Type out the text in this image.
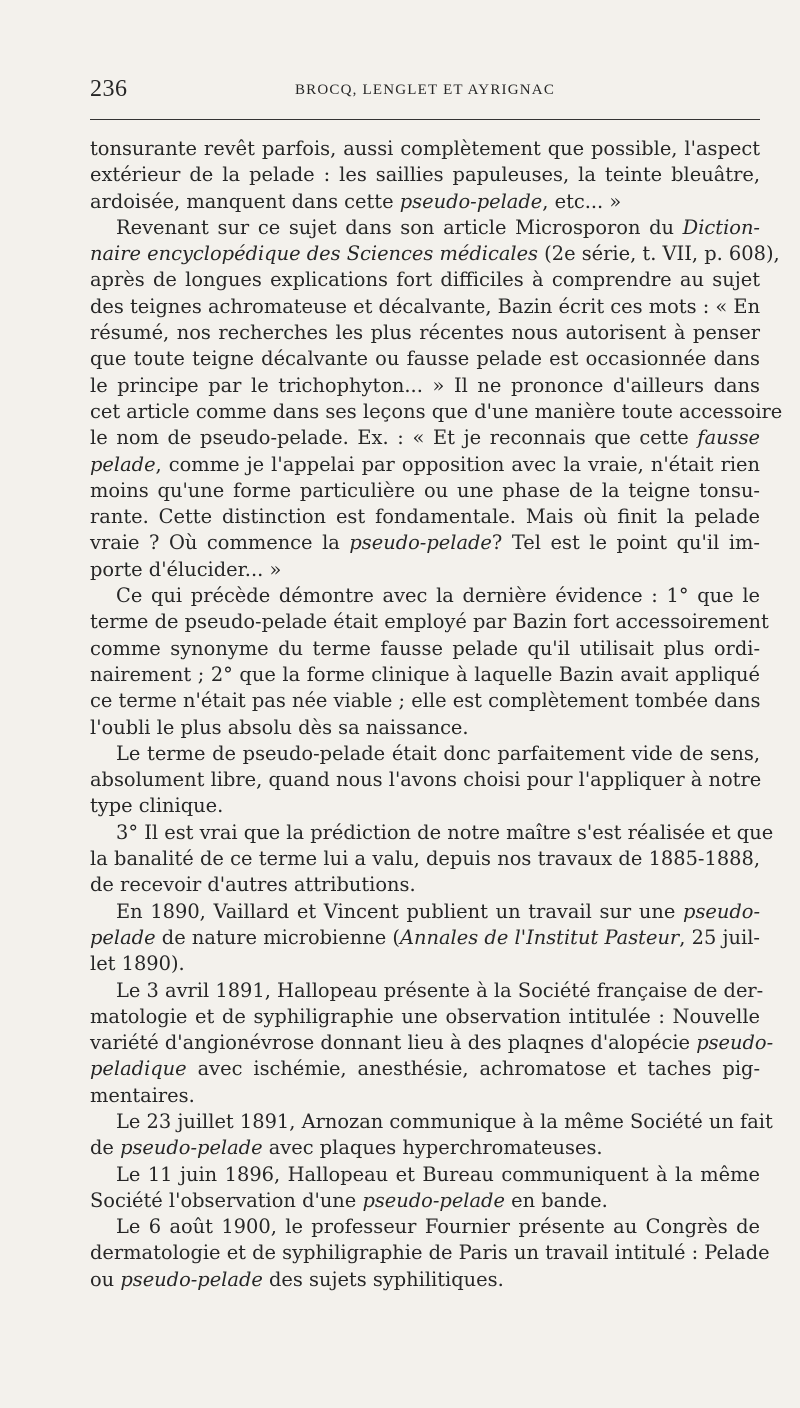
236	BROCQ, LENGLET ET AYRIGNAC
tonsurante revêt parfois, aussi complètement que possible, l'aspect
extérieur de la pelade : les saillies papuleuses, la teinte bleuâtre,
ardoisée, manquent dans cette pseudo-pelade, etc... »
Revenant sur ce sujet dans son article Microsporon du Diction-
naire encyclopédique des Sciences médicales (2e série, t. VII, p. 608),
après de longues explications fort difficiles à comprendre au sujet
des teignes achromateuse et décalvante, Bazin écrit ces mots : « En
résumé, nos recherches les plus récentes nous autorisent à penser
que toute teigne décalvante ou fausse pelade est occasionnée dans
le principe par le trichophyton... » Il ne prononce d'ailleurs dans
cet article comme dans ses leçons que d'une manière toute accessoire
le nom de pseudo-pelade. Ex. : « Et je reconnais que cette fausse
pelade, comme je l'appelai par opposition avec la vraie, n'était rien
moins qu'une forme particulière ou une phase de la teigne tonsu-
rante. Cette distinction est fondamentale. Mais où finit la pelade
vraie ? Où commence la pseudo-pelade? Tel est le point qu'il im-
porte d'élucider... »
Ce qui précède démontre avec la dernière évidence : 1° que le
terme de pseudo-pelade était employé par Bazin fort accessoirement
comme synonyme du terme fausse pelade qu'il utilisait plus ordi-
nairement ; 2° que la forme clinique à laquelle Bazin avait appliqué
ce terme n'était pas née viable ; elle est complètement tombée dans
l'oubli le plus absolu dès sa naissance.
Le terme de pseudo-pelade était donc parfaitement vide de sens,
absolument libre, quand nous l'avons choisi pour l'appliquer à notre
type clinique.
3° Il est vrai que la prédiction de notre maître s'est réalisée et que
la banalité de ce terme lui a valu, depuis nos travaux de 1885-1888,
de recevoir d'autres attributions.
En 1890, Vaillard et Vincent publient un travail sur une pseudo-
pelade de nature microbienne (Annales de l'Institut Pasteur, 25 juil-
let 1890).
Le 3 avril 1891, Hallopeau présente à la Société française de der-
matologie et de syphiligraphie une observation intitulée : Nouvelle
variété d'angionévrose donnant lieu à des plaqnes d'alopécie pseudo-
peladique avec ischémie, anesthésie, achromatose et taches pig-
mentaires.
Le 23 juillet 1891, Arnozan communique à la même Société un fait
de pseudo-pelade avec plaques hyperchromateuses.
Le 11 juin 1896, Hallopeau et Bureau communiquent à la même
Société l'observation d'une pseudo-pelade en bande.
Le 6 août 1900, le professeur Fournier présente au Congrès de
dermatologie et de syphiligraphie de Paris un travail intitulé : Pelade
ou pseudo-pelade des sujets syphilitiques.
